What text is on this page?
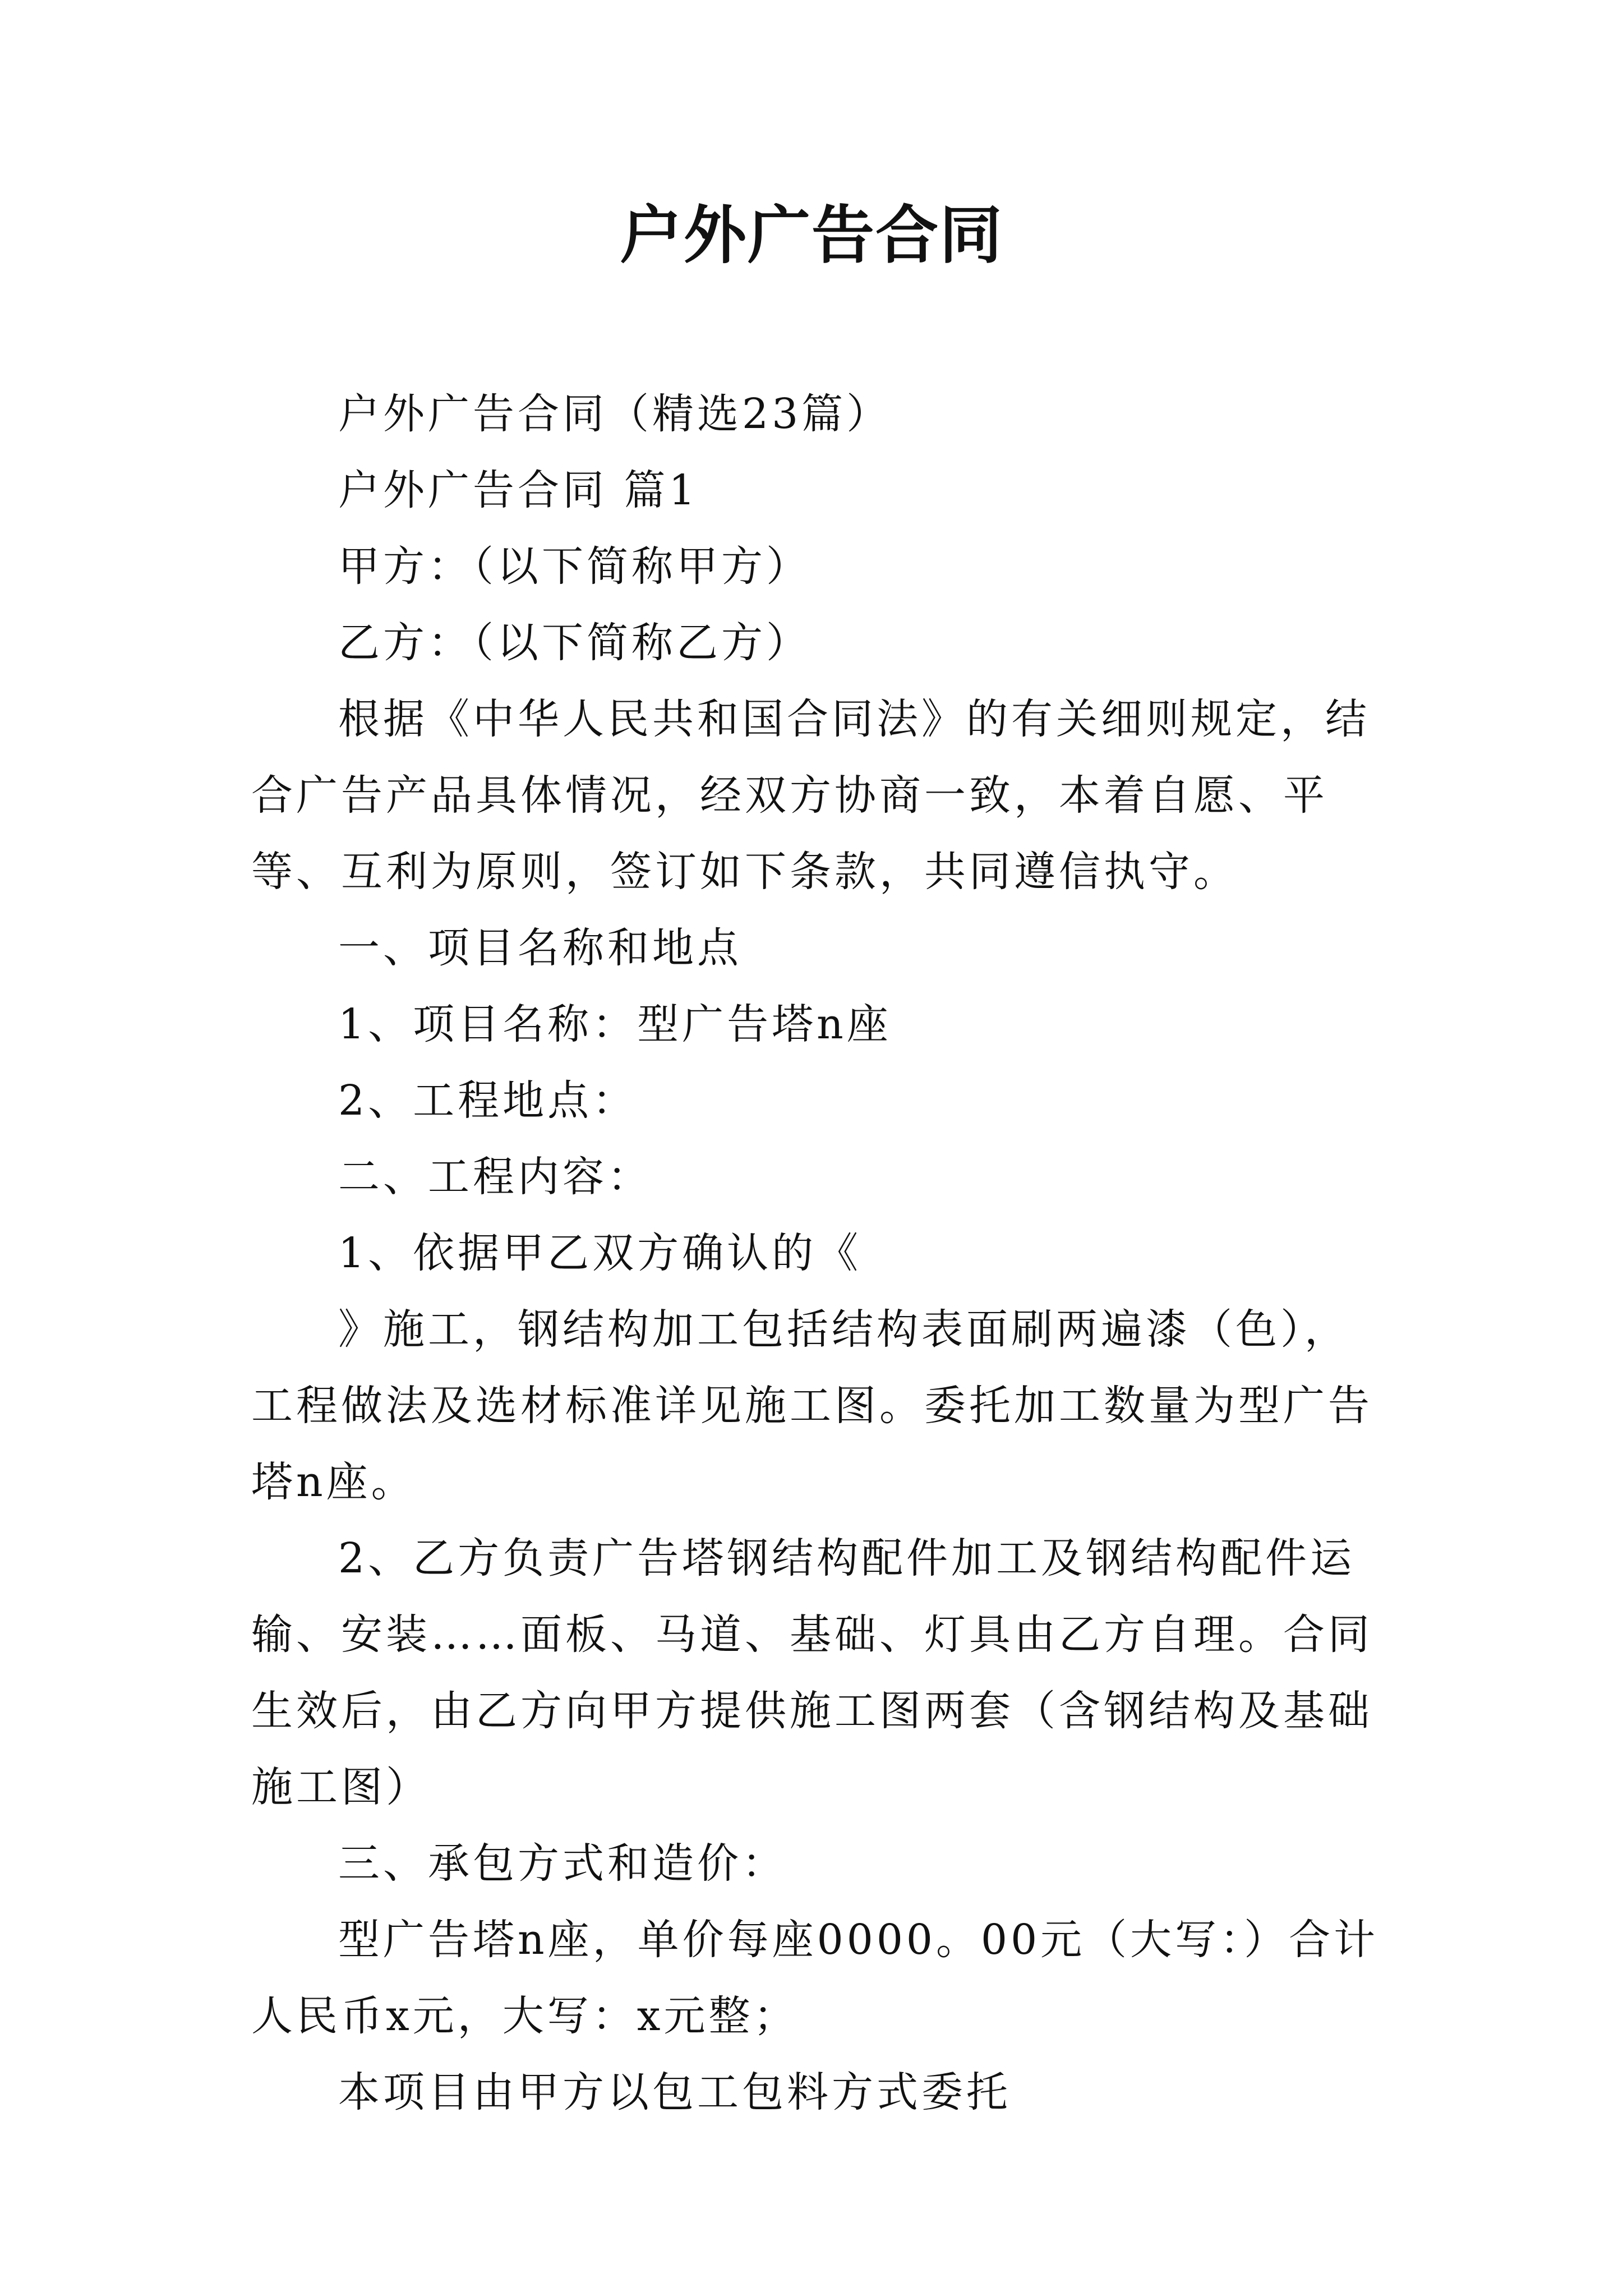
户外广告合同

户外广告合同（精选23篇）

户外广告合同 篇1

甲方：（以下简称甲方）

乙方：（以下简称乙方）

根据《中华人民共和国合同法》的有关细则规定，结合广告产品具体情况，经双方协商一致，本着自愿、平等、互利为原则，签订如下条款，共同遵信执守。

一、项目名称和地点

1、项目名称：型广告塔n座

2、工程地点：

二、工程内容：

1、依据甲乙双方确认的《

》施工，钢结构加工包括结构表面刷两遍漆（色），工程做法及选材标准详见施工图。委托加工数量为型广告塔n座。

2、乙方负责广告塔钢结构配件加工及钢结构配件运输、安装……面板、马道、基础、灯具由乙方自理。合同生效后，由乙方向甲方提供施工图两套（含钢结构及基础施工图）

三、承包方式和造价：

型广告塔n座，单价每座0000。00元（大写：）合计人民币x元，大写：x元整；

本项目由甲方以包工包料方式委托
